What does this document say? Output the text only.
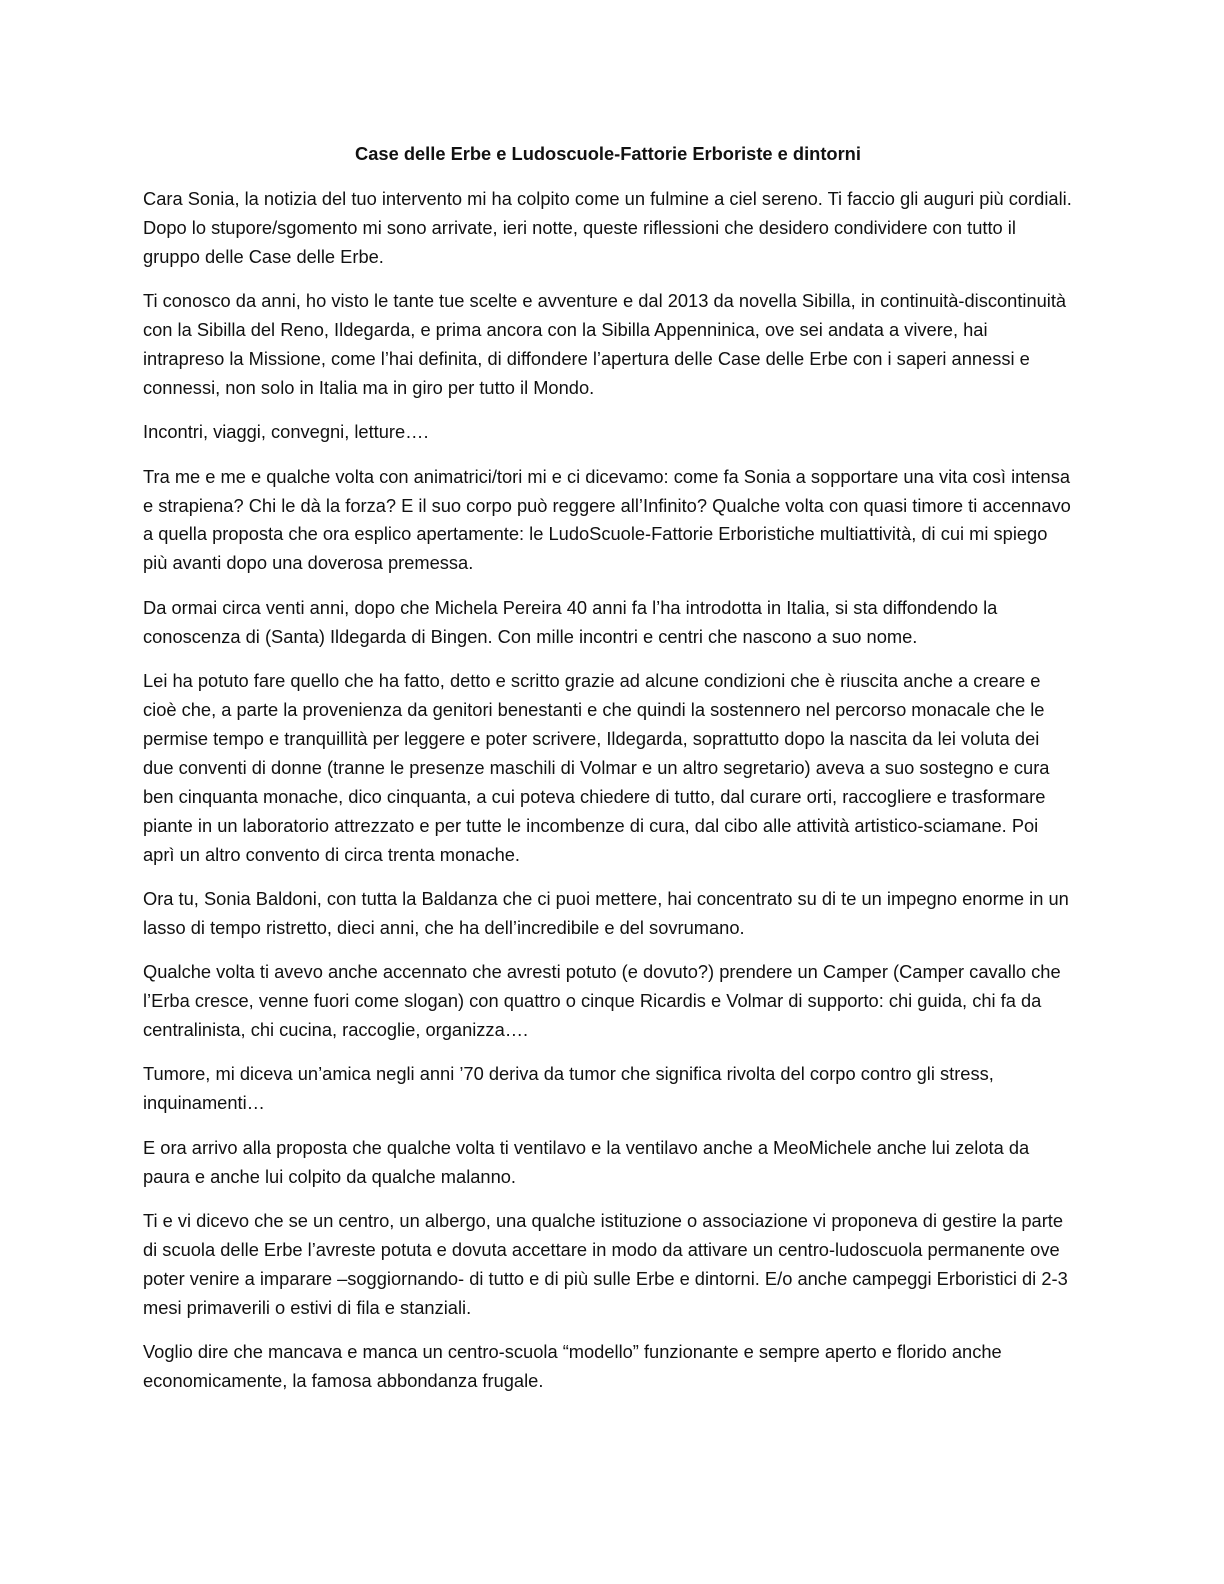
Case delle Erbe e Ludoscuole-Fattorie Erboriste e dintorni

Cara Sonia, la notizia del tuo intervento mi ha colpito come un fulmine a ciel sereno. Ti faccio gli auguri più cordiali. Dopo lo stupore/sgomento mi sono arrivate, ieri notte, queste riflessioni che desidero condividere con tutto il gruppo delle Case delle Erbe.

Ti conosco da anni, ho visto le tante tue scelte e avventure e dal 2013 da novella Sibilla, in continuità-discontinuità con la Sibilla del Reno, Ildegarda, e prima ancora con la Sibilla Appenninica, ove sei andata a vivere, hai intrapreso la Missione, come l’hai definita, di diffondere l’apertura delle Case delle Erbe con i saperi annessi e connessi, non solo in Italia ma in giro per tutto il Mondo.

Incontri, viaggi, convegni, letture….

Tra me e me e qualche volta con animatrici/tori mi e ci dicevamo: come fa Sonia a sopportare una vita così intensa e strapiena? Chi le dà la forza? E il suo corpo può reggere all’Infinito? Qualche volta con quasi timore ti accennavo a quella proposta che ora esplico apertamente: le LudoScuole-Fattorie Erboristiche multiattività, di cui mi spiego più avanti dopo una doverosa premessa.

Da ormai circa venti anni, dopo che Michela Pereira 40 anni fa l’ha introdotta in Italia, si sta diffondendo la conoscenza di (Santa) Ildegarda di Bingen. Con mille incontri e centri che nascono a suo nome.

Lei ha potuto fare quello che ha fatto, detto e scritto grazie ad alcune condizioni che è riuscita anche a creare e cioè che, a parte la provenienza da genitori benestanti e che quindi la sostennero nel percorso monacale che le permise tempo e tranquillità per leggere e poter scrivere, Ildegarda, soprattutto dopo la nascita da lei voluta dei due conventi di donne (tranne le presenze maschili di Volmar e un altro segretario) aveva a suo sostegno e cura ben cinquanta monache, dico cinquanta, a cui poteva chiedere di tutto, dal curare orti, raccogliere e trasformare piante in un laboratorio attrezzato e per tutte le incombenze di cura, dal cibo alle attività artistico-sciamane. Poi aprì un altro convento di circa trenta monache.

Ora tu, Sonia Baldoni, con tutta la Baldanza che ci puoi mettere, hai concentrato su di te un impegno enorme in un lasso di tempo ristretto, dieci anni, che ha dell’incredibile e del sovrumano.

Qualche volta ti avevo anche accennato che avresti potuto (e dovuto?) prendere un Camper (Camper cavallo che l’Erba cresce, venne fuori come slogan) con quattro o cinque Ricardis e Volmar di supporto: chi guida, chi fa da centralinista, chi cucina, raccoglie, organizza….

Tumore, mi diceva un’amica negli anni ’70 deriva da tumor che significa rivolta del corpo contro gli stress, inquinamenti…

E ora arrivo alla proposta che qualche volta ti ventilavo e la ventilavo anche a MeoMichele anche lui zelota da paura e anche lui colpito da qualche malanno.

Ti e vi dicevo che se un centro, un albergo, una qualche istituzione o associazione vi proponeva di gestire la parte di scuola delle Erbe l’avreste potuta e dovuta accettare in modo da attivare un centro-ludoscuola permanente ove poter venire a imparare –soggiornando- di tutto e di più sulle Erbe e dintorni. E/o anche campeggi Erboristici di 2-3 mesi primaverili o estivi di fila e stanziali.

Voglio dire che mancava e manca un centro-scuola “modello” funzionante e sempre aperto e florido anche economicamente, la famosa abbondanza frugale.
